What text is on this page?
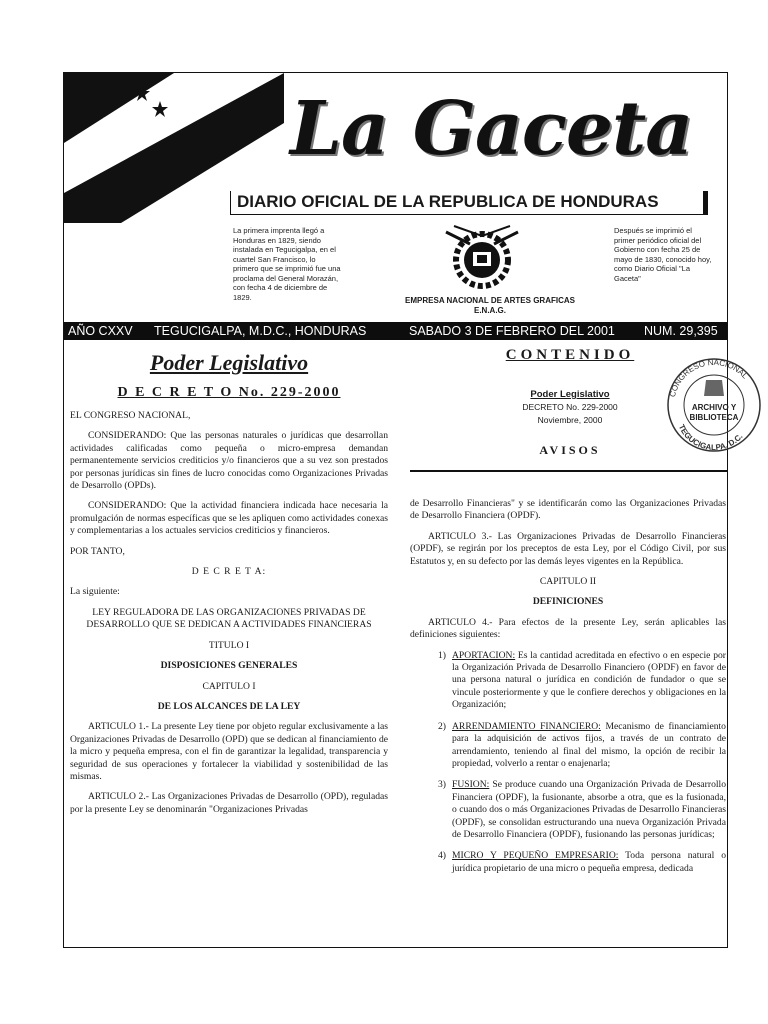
La Gaceta
DIARIO OFICIAL DE LA REPUBLICA DE HONDURAS
La primera imprenta llegó a Honduras en 1829, siendo instalada en Tegucigalpa, en el cuartel San Francisco, lo primero que se imprimió fue una proclama del General Morazán, con fecha 4 de diciembre de 1829.
Después se imprimió el primer periódico oficial del Gobierno con fecha 25 de mayo de 1830, conocido hoy, como Diario Oficial "La Gaceta"
EMPRESA NACIONAL DE ARTES GRAFICAS
E.N.A.G.
AÑO CXXV TEGUCIGALPA, M.D.C., HONDURAS	SABADO 3 DE FEBRERO DEL 2001 NUM. 29,395
CONTENIDO
Poder Legislativo
DECRETO No. 229-2000
Noviembre, 2000
AVISOS
CONGRESO NACIONAL
TEGUCIGALPA, D.C.
ARCHIVO Y
BIBLIOTECA

Poder Legislativo

D E C R E T O No. 229-2000

EL CONGRESO NACIONAL,

CONSIDERANDO: Que las personas naturales o jurídicas que desarrollan actividades calificadas como pequeña o micro-empresa demandan permanentemente servicios crediticios y/o financieros que a su vez son prestados por personas jurídicas sin fines de lucro conocidas como Organizaciones Privadas de Desarrollo (OPDs).

CONSIDERANDO: Que la actividad financiera indicada hace necesaria la promulgación de normas específicas que se les apliquen como actividades conexas y complementarias a los actuales servicios crediticios y financieros.

POR TANTO,

D E C R E T A:

La siguiente:

LEY REGULADORA DE LAS ORGANIZACIONES PRIVADAS DE DESARROLLO QUE SE DEDICAN A ACTIVIDADES FINANCIERAS

TITULO I

DISPOSICIONES GENERALES

CAPITULO I

DE LOS ALCANCES DE LA LEY

ARTICULO 1.- La presente Ley tiene por objeto regular exclusivamente a las Organizaciones Privadas de Desarrollo (OPD) que se dedican al financiamiento de la micro y pequeña empresa, con el fin de garantizar la legalidad, transparencia y seguridad de sus operaciones y fortalecer la viabilidad y sostenibilidad de las mismas.

ARTICULO 2.- Las Organizaciones Privadas de Desarrollo (OPD), reguladas por la presente Ley se denominarán "Organizaciones Privadas

de Desarrollo Financieras" y se identificarán como las Organizaciones Privadas de Desarrollo Financiera (OPDF).

ARTICULO 3.- Las Organizaciones Privadas de Desarrollo Financieras (OPDF), se regirán por los preceptos de esta Ley, por el Código Civil, por sus Estatutos y, en su defecto por las demás leyes vigentes en la República.

CAPITULO II

DEFINICIONES

ARTICULO 4.- Para efectos de la presente Ley, serán aplicables las definiciones siguientes:

1) APORTACION: Es la cantidad acreditada en efectivo o en especie por la Organización Privada de Desarrollo Financiero (OPDF) en favor de una persona natural o jurídica en condición de fundador o que se vincule posteriormente y que le confiere derechos y obligaciones en la Organización;
2) ARRENDAMIENTO FINANCIERO: Mecanismo de financiamiento para la adquisición de activos fijos, a través de un contrato de arrendamiento, teniendo al final del mismo, la opción de recibir la propiedad, volverlo a rentar o enajenarla;
3) FUSION: Se produce cuando una Organización Privada de Desarrollo Financiera (OPDF), la fusionante, absorbe a otra, que es la fusionada, o cuando dos o más Organizaciones Privadas de Desarrollo Financieras (OPDF), se consolidan estructurando una nueva Organización Privada de Desarrollo Financiera (OPDF), fusionando las personas jurídicas;
4) MICRO Y PEQUEÑO EMPRESARIO: Toda persona natural o jurídica propietario de una micro o pequeña empresa, dedicada
